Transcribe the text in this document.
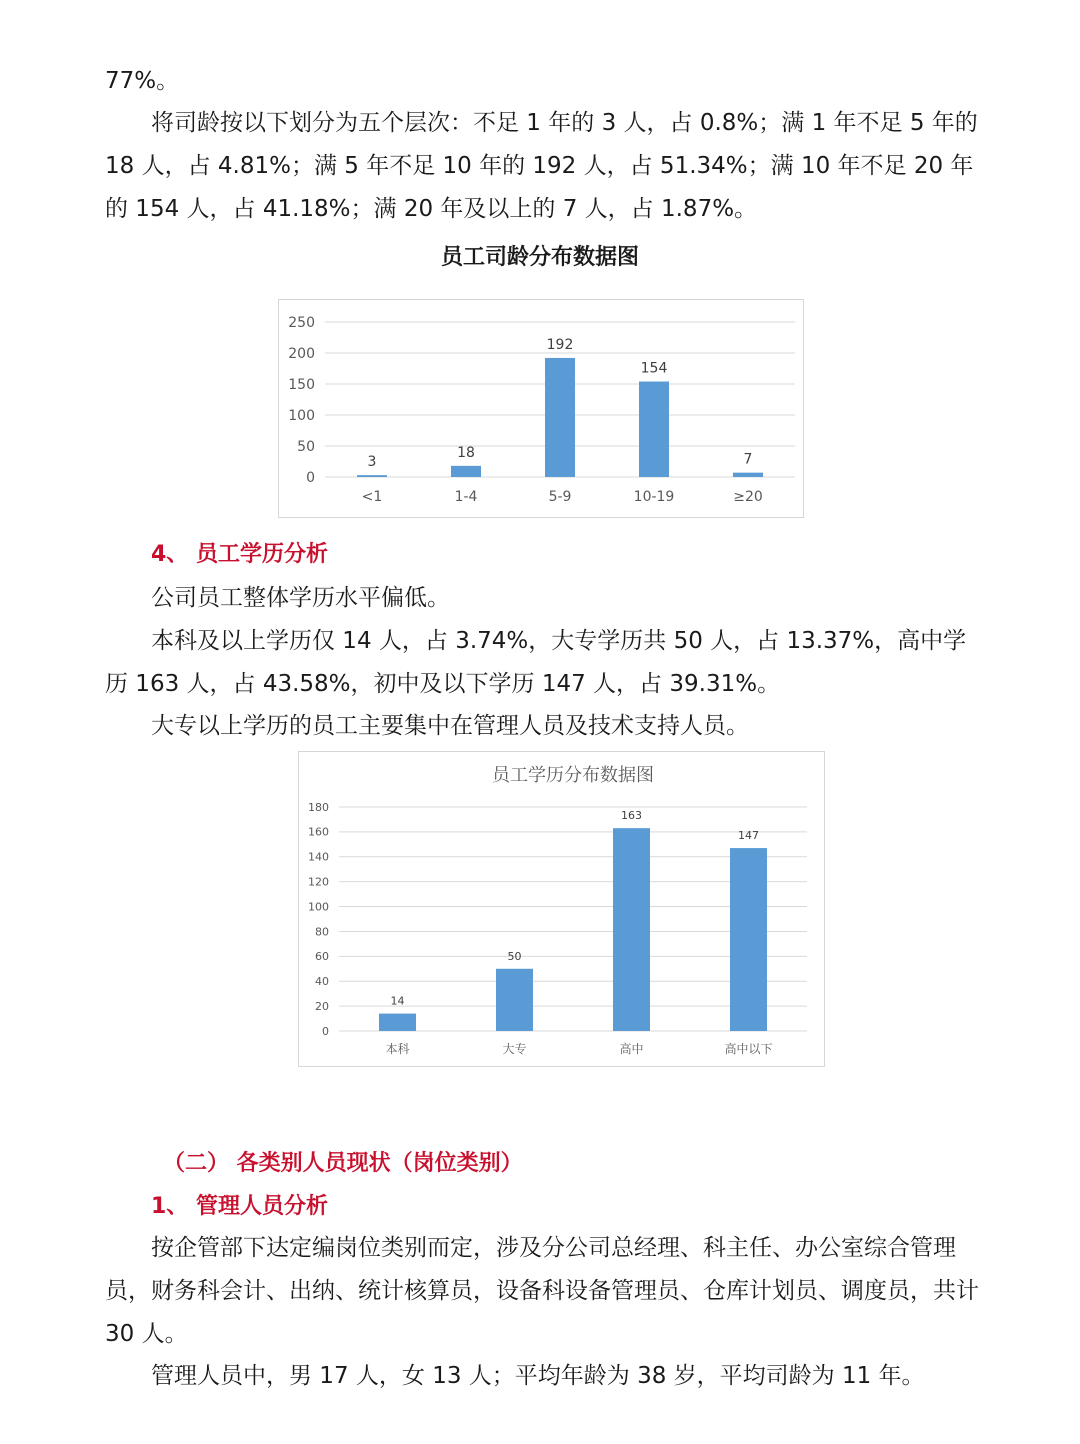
77%。

将司龄按以下划分为五个层次：不足 1 年的 3 人，占 0.8%；满 1 年不足 5 年的 18 人，占 4.81%；满 5 年不足 10 年的 192 人，占 51.34%；满 10 年不足 20 年的 154 人，占 41.18%；满 20 年及以上的 7 人，占 1.87%。

员工司龄分布数据图

0
50
100
150
200
250
3
<1
18
1-4
192
5-9
154
10-19
7
≥20
4、 员工学历分析

公司员工整体学历水平偏低。

本科及以上学历仅 14 人，占 3.74%，大专学历共 50 人，占 13.37%，高中学历 163 人，占 43.58%，初中及以下学历 147 人，占 39.31%。

大专以上学历的员工主要集中在管理人员及技术支持人员。

员工学历分布数据图
0
20
40
60
80
100
120
140
160
180
14
本科
50
大专
163
高中
147
高中以下
（二） 各类别人员现状（岗位类别）
1、 管理人员分析

按企管部下达定编岗位类别而定，涉及分公司总经理、科主任、办公室综合管理员，财务科会计、出纳、统计核算员，设备科设备管理员、仓库计划员、调度员，共计 30 人。

管理人员中，男 17 人，女 13 人；平均年龄为 38 岁，平均司龄为 11 年。
